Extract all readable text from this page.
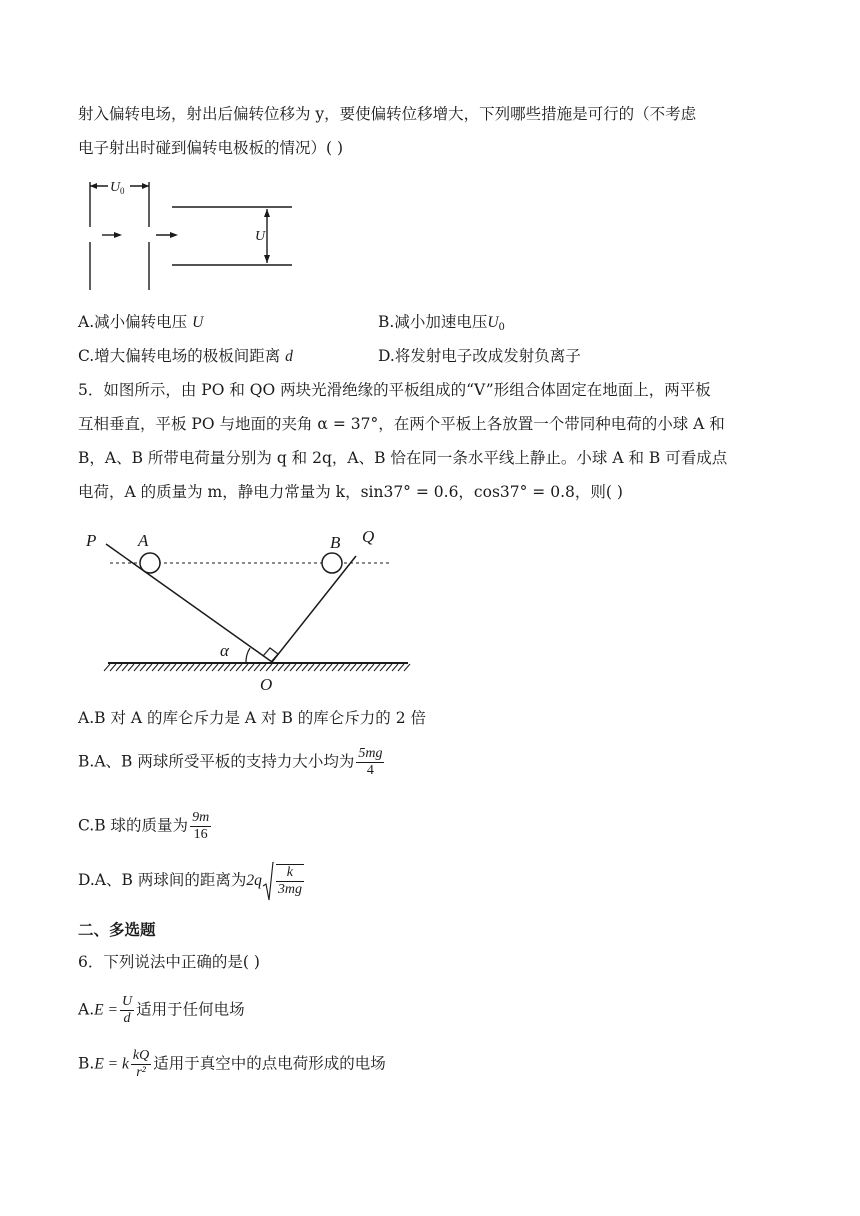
射入偏转电场，射出后偏转位移为 y，要使偏转位移增大，下列哪些措施是可行的（不考虑
电子射出时碰到偏转电极板的情况）( )
U 0
U
A.减小偏转电压 U	B.减小加速电压$U_0$
C.增大偏转电场的极板间距离 d	D.将发射电子改成发射负离子
5．如图所示，由 PO 和 QO 两块光滑绝缘的平板组成的“V”形组合体固定在地面上，两平板
互相垂直，平板 PO 与地面的夹角 α = 37°，在两个平板上各放置一个带同种电荷的小球 A 和
B，A、B 所带电荷量分别为 q 和 2q，A、B 恰在同一条水平线上静止。小球 A 和 B 可看成点
电荷，A 的质量为 m，静电力常量为 k，sin37° = 0.6，cos37° = 0.8，则( )
P A	B Q
α
O
A.B 对 A 的库仑斥力是 A 对 B 的库仑斥力的 2 倍
B.A、B 两球所受平板的支持力大小均为 $\frac{5mg}{4}$
C.B 球的质量为 $\frac{9m}{16}$
D.A、B 两球间的距离为$2q \frac{k}{3mg}$
二、多选题
6．下列说法中正确的是( )
$A.E = \frac{U}{d}$ 适用于任何电场
B.E = k $\frac{kQ}{\text{r²}}$ 适用于真空中的点电荷形成的电场
